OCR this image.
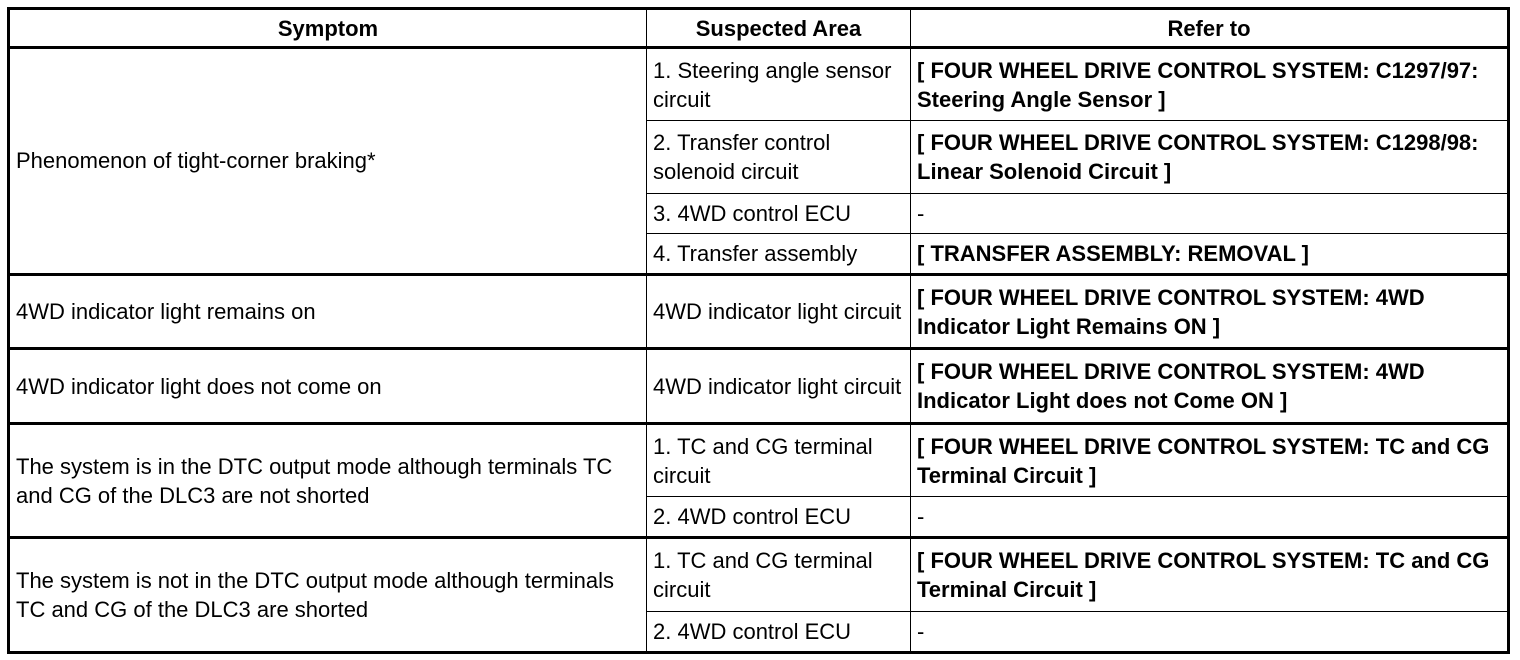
Symptom	Suspected Area	Refer to
Phenomenon of tight-corner braking*	1. Steering angle sensor circuit	[ FOUR WHEEL DRIVE CONTROL SYSTEM: C1297/97: Steering Angle Sensor ]
	2. Transfer control solenoid circuit	[ FOUR WHEEL DRIVE CONTROL SYSTEM: C1298/98: Linear Solenoid Circuit ]
	3. 4WD control ECU	-
	4. Transfer assembly	[ TRANSFER ASSEMBLY: REMOVAL ]
4WD indicator light remains on	4WD indicator light circuit	[ FOUR WHEEL DRIVE CONTROL SYSTEM: 4WD Indicator Light Remains ON ]
4WD indicator light does not come on	4WD indicator light circuit	[ FOUR WHEEL DRIVE CONTROL SYSTEM: 4WD Indicator Light does not Come ON ]
The system is in the DTC output mode although terminals TC and CG of the DLC3 are not shorted	1. TC and CG terminal circuit	[ FOUR WHEEL DRIVE CONTROL SYSTEM: TC and CG Terminal Circuit ]
	2. 4WD control ECU	-
The system is not in the DTC output mode although terminals TC and CG of the DLC3 are shorted	1. TC and CG terminal circuit	[ FOUR WHEEL DRIVE CONTROL SYSTEM: TC and CG Terminal Circuit ]
	2. 4WD control ECU	-
